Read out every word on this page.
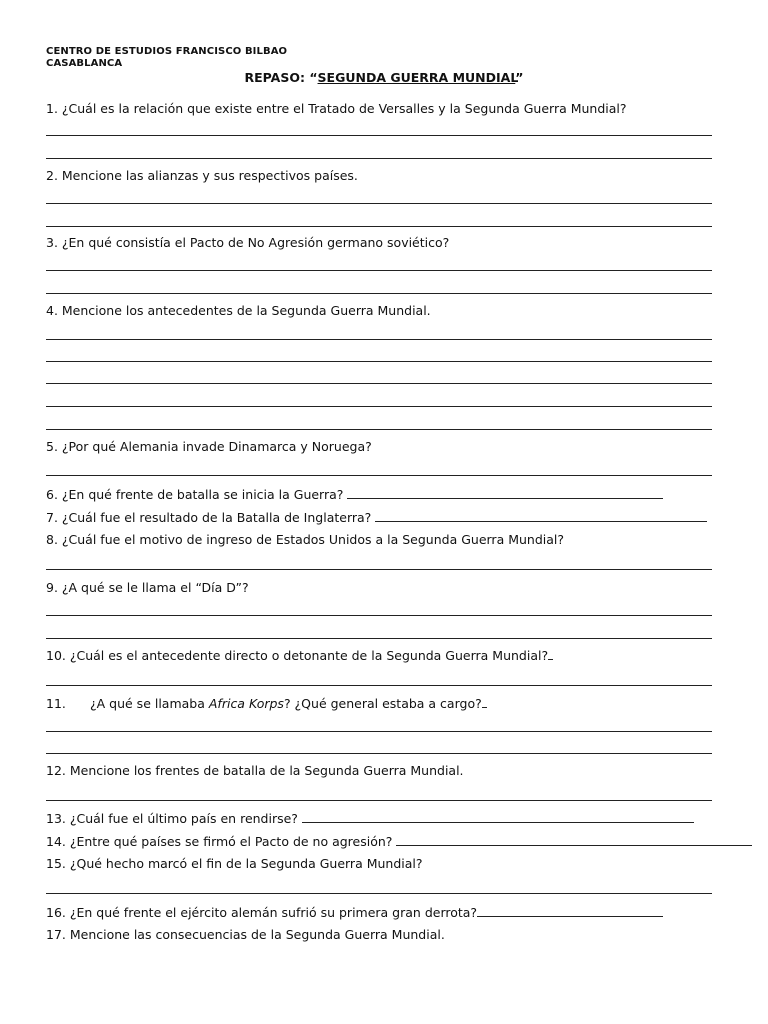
CENTRO DE ESTUDIOS FRANCISCO BILBAO
CASABLANCA
REPASO: “SEGUNDA GUERRA MUNDIAL”
1. ¿Cuál es la relación que existe entre el Tratado de Versalles y la Segunda Guerra Mundial?
2. Mencione las alianzas y sus respectivos países.
3. ¿En qué consistía el Pacto de No Agresión germano soviético?
4. Mencione los antecedentes de la Segunda Guerra Mundial.
5. ¿Por qué Alemania invade Dinamarca y Noruega?
6. ¿En qué frente de batalla se inicia la Guerra?
7. ¿Cuál fue el resultado de la Batalla de Inglaterra?
8. ¿Cuál fue el motivo de ingreso de Estados Unidos a la Segunda Guerra Mundial?
9. ¿A qué se le llama el “Día D”?
10. ¿Cuál es el antecedente directo o detonante de la Segunda Guerra Mundial?
11. ¿A qué se llamaba Africa Korps? ¿Qué general estaba a cargo?
12. Mencione los frentes de batalla de la Segunda Guerra Mundial.
13. ¿Cuál fue el último país en rendirse?
14. ¿Entre qué países se firmó el Pacto de no agresión?
15. ¿Qué hecho marcó el fin de la Segunda Guerra Mundial?
16. ¿En qué frente el ejército alemán sufrió su primera gran derrota?
17. Mencione las consecuencias de la Segunda Guerra Mundial.
